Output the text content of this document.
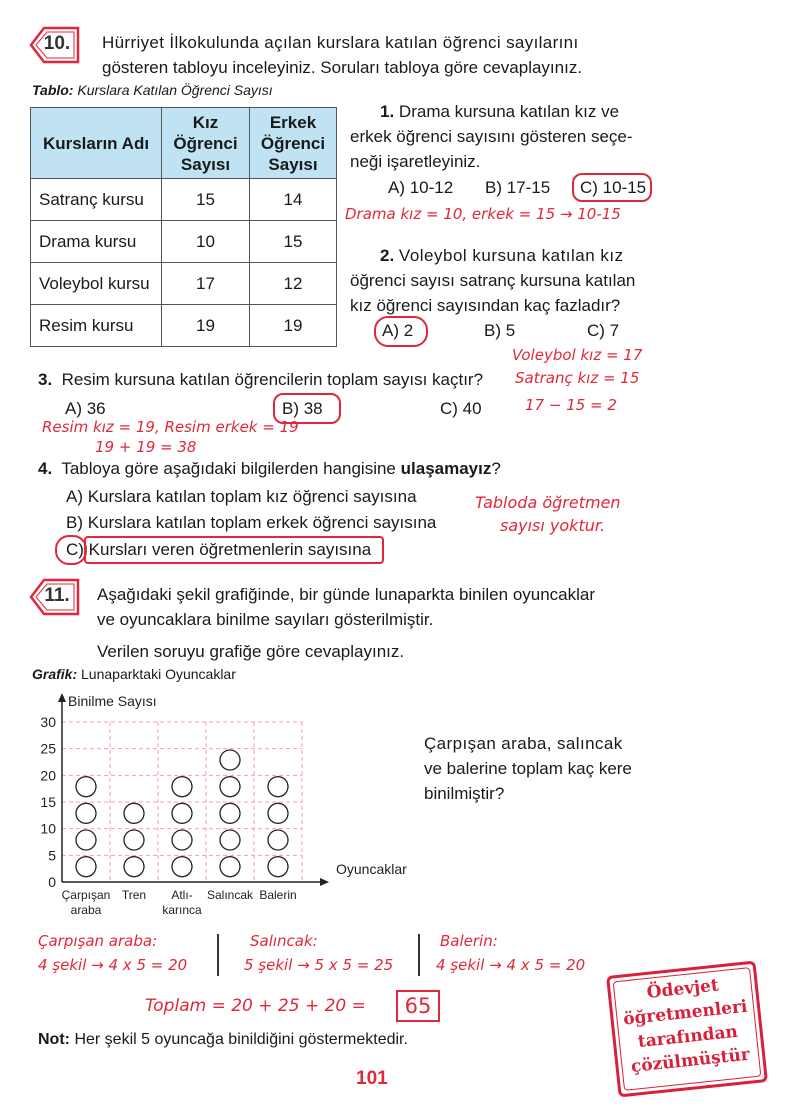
10.	Hürriyet İlkokulunda açılan kurslara katılan öğrenci sayılarını
gösteren tabloyu inceleyiniz. Soruları tabloya göre cevaplayınız.
Tablo: Kurslara Katılan Öğrenci Sayısı
Kursların Adı	Kız Öğrenci Sayısı	Erkek Öğrenci Sayısı
Satranç kursu	15	14
Drama kursu	10	15
Voleybol kursu	17	12
Resim kursu	19	19
1. Drama kursuna katılan kız ve
erkek öğrenci sayısını gösteren seçe-
neği işaretleyiniz.
A) 10-12 B) 17-15 C) 10-15
Drama kız = 10, erkek = 15 → 10-15
2. Voleybol kursuna katılan kız
öğrenci sayısı satranç kursuna katılan
kız öğrenci sayısından kaç fazladır?
A) 2	B) 5	C) 7
Voleybol kız = 17
Satranç kız = 15
17 − 15 = 2
3. Resim kursuna katılan öğrencilerin toplam sayısı kaçtır?
A) 36	B) 38	C) 40
Resim kız = 19, Resim erkek = 19
19 + 19 = 38
4. Tabloya göre aşağıdaki bilgilerden hangisine ulaşamayız?
A) Kurslara katılan toplam kız öğrenci sayısına
B) Kurslara katılan toplam erkek öğrenci sayısına
C) Kursları veren öğretmenlerin sayısına
Tabloda öğretmen
sayısı yoktur.
11.	Aşağıdaki şekil grafiğinde, bir günde lunaparkta binilen oyuncaklar
ve oyuncaklara binilme sayıları gösterilmiştir.
Verilen soruyu grafiğe göre cevaplayınız.
Grafik: Lunaparktaki Oyuncaklar
0
5
10
15
20
25
30
Binilme Sayısı
Oyuncaklar
Çarpışan
araba
Tren Atlı-
karınca
Salıncak Balerin
Çarpışan araba, salıncak
ve balerine toplam kaç kere
binilmiştir?
Çarpışan araba:
4 şekil → 4 x 5 = 20
Salıncak:
5 şekil → 5 x 5 = 25
Balerin:
4 şekil → 4 x 5 = 20
Toplam = 20 + 25 + 20 =	65
Not: Her şekil 5 oyuncağa binildiğini göstermektedir.
Ödevjet
öğretmenleri
tarafından
çözülmüştür
101
